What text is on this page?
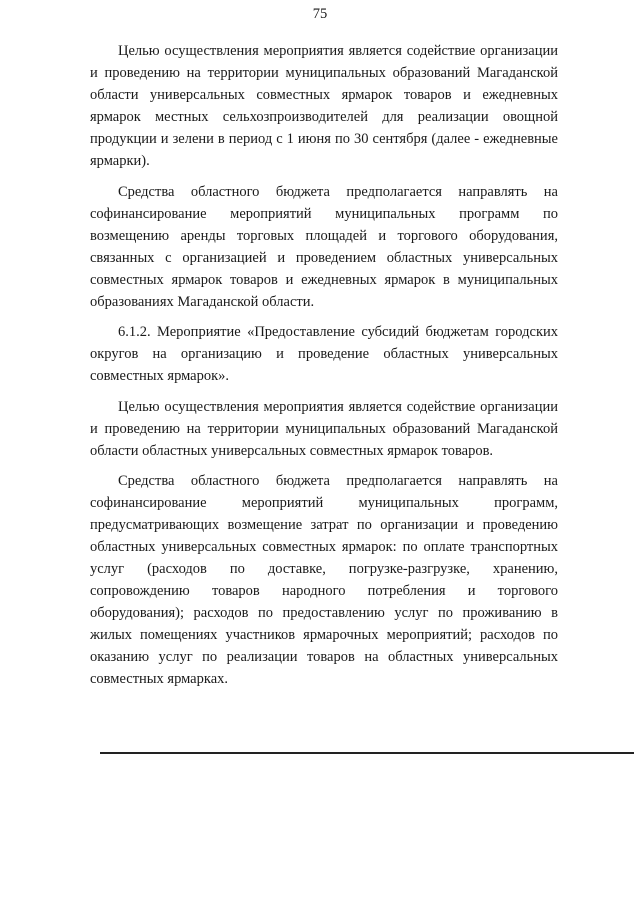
75

Целью осуществления мероприятия является содействие организации и проведению на территории муниципальных образований Магаданской области универсальных совместных ярмарок товаров и ежедневных ярмарок местных сельхозпроизводителей для реализации овощной продукции и зелени в период с 1 июня по 30 сентября (далее - ежедневные ярмарки).

Средства областного бюджета предполагается направлять на софинансирование мероприятий муниципальных программ по возмещению аренды торговых площадей и торгового оборудования, связанных с организацией и проведением областных универсальных совместных ярмарок товаров и ежедневных ярмарок в муниципальных образованиях Магаданской области.

6.1.2. Мероприятие «Предоставление субсидий бюджетам городских округов на организацию и проведение областных универсальных совместных ярмарок».

Целью осуществления мероприятия является содействие организации и проведению на территории муниципальных образований Магаданской области областных универсальных совместных ярмарок товаров.

Средства областного бюджета предполагается направлять на софинансирование мероприятий муниципальных программ, предусматривающих возмещение затрат по организации и проведению областных универсальных совместных ярмарок: по оплате транспортных услуг (расходов по доставке, погрузке-разгрузке, хранению, сопровождению товаров народного потребления и торгового оборудования); расходов по предоставлению услуг по проживанию в жилых помещениях участников ярмарочных мероприятий; расходов по оказанию услуг по реализации товаров на областных универсальных совместных ярмарках.
